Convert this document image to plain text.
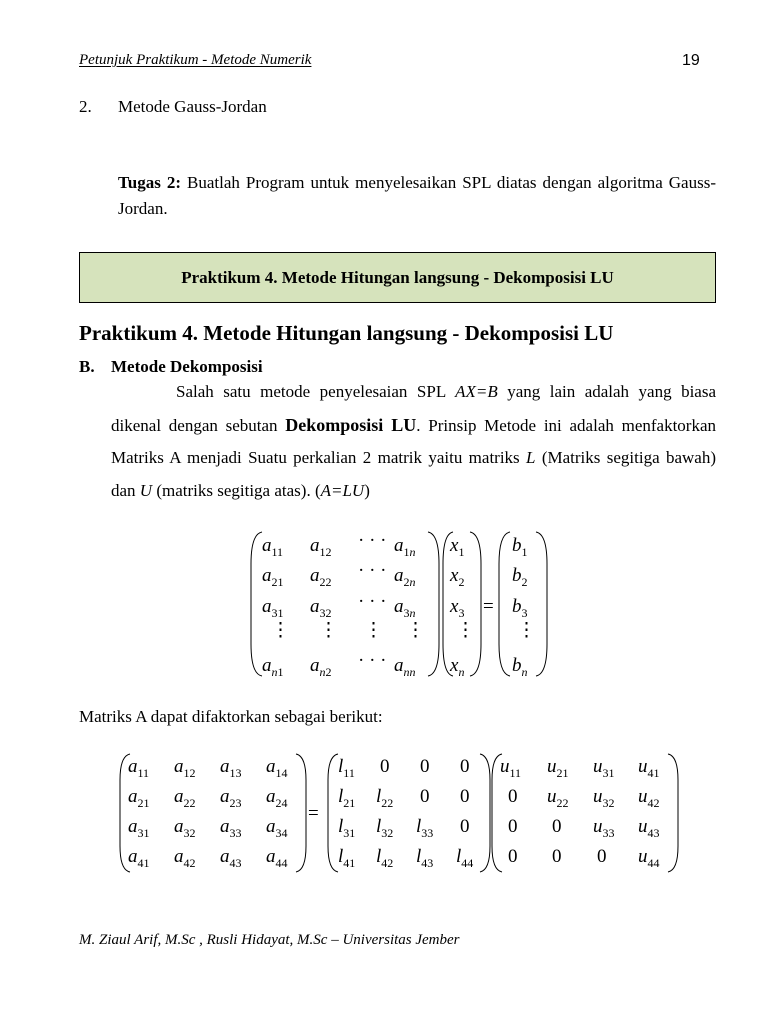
Petunjuk Praktikum - Metode Numerik	19
2. Metode Gauss-Jordan
Tugas 2: Buatlah Program untuk menyelesaikan SPL diatas dengan algoritma Gauss-Jordan.
Praktikum 4. Metode Hitungan langsung - Dekomposisi LU
Praktikum 4. Metode Hitungan langsung - Dekomposisi LU
B. Metode Dekomposisi
Salah satu metode penyelesaian SPL AX=B yang lain adalah yang biasa dikenal dengan sebutan Dekomposisi LU. Prinsip Metode ini adalah menfaktorkan Matriks A menjadi Suatu perkalian 2 matrik yaitu matriks L (Matriks segitiga bawah) dan U (matriks segitiga atas). (A=LU)
$a_{11}$ $a_{12}$
· · · $a_1n$
$a_{21}$ $a_{22}$
· · · $a_2n$
$a_{31}$ $a_{32}$
· · · $a_3n$
⋮ ⋮ ⋮ ⋮
$a_n1$ $a_n2$
· · · $a_{nn}$
$x_1$
$x_2$
$x_3$
⋮
$x_n$
=
$b_1$
$b_2$
$b_3$
⋮
$b_n$
Matriks A dapat difaktorkan sebagai berikut:
$a_{11}$ $a_{12}$ $a_{13}$ $a_{14}$
$a_{21}$ $a_{22}$ $a_{23}$ $a_{24}$
$a_{31}$ $a_{32}$ $a_{33}$ $a_{34}$
$a_{41}$ $a_{42}$ $a_{43}$ $a_{44}$
=
$l_{11}$ 0 0 0
$l_{21}$ $l_{22}$ 0 0
$l_{31}$ $l_{32}$ $l_{33}$ 0
$l_{41}$ $l_{42}$ $l_{43}$ $l_{44}$
$u_{11}$ $u_{21}$ $u_{31}$ $u_{41}$
0 $u_{22}$ $u_{32}$ $u_{42}$
0 0 $u_{33}$ $u_{43}$
0 0 0 $u_{44}$
M. Ziaul Arif, M.Sc , Rusli Hidayat, M.Sc – Universitas Jember
